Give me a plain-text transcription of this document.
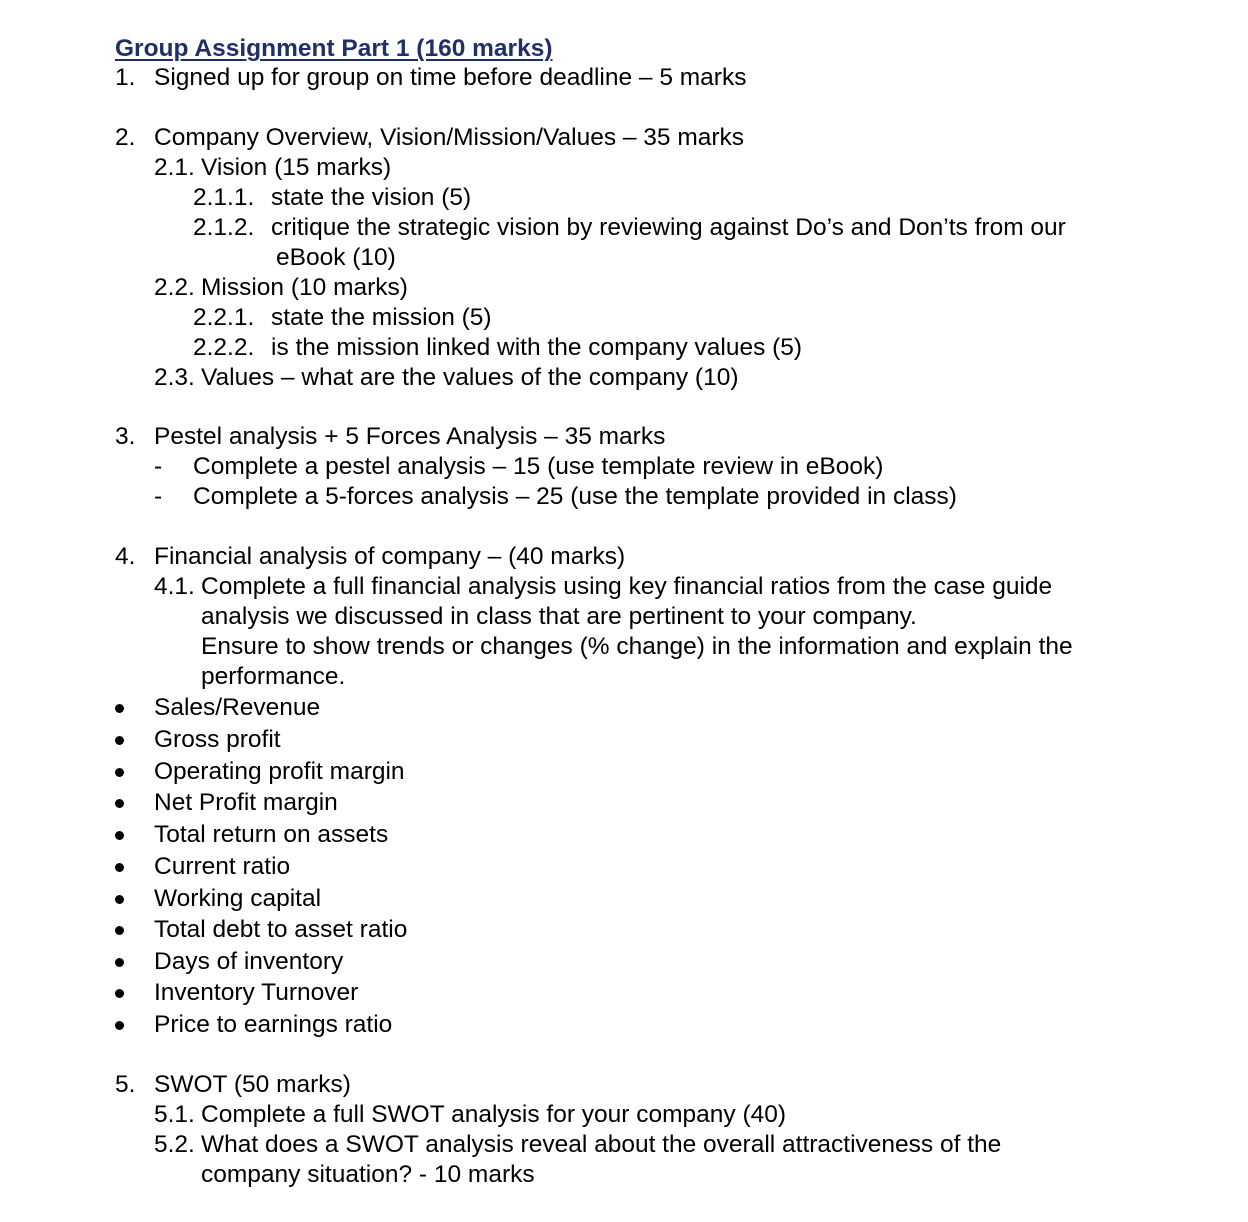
Group Assignment Part 1 (160 marks)
1. Signed up for group on time before deadline – 5 marks
2. Company Overview, Vision/Mission/Values – 35 marks
2.1. Vision (15 marks)
2.1.1. state the vision (5)
2.1.2. critique the strategic vision by reviewing against Do’s and Don’ts from our
eBook (10)
2.2. Mission (10 marks)
2.2.1. state the mission (5)
2.2.2. is the mission linked with the company values (5)
2.3. Values – what are the values of the company (10)
3. Pestel analysis + 5 Forces Analysis – 35 marks
- Complete a pestel analysis – 15 (use template review in eBook)
- Complete a 5-forces analysis – 25 (use the template provided in class)
4. Financial analysis of company – (40 marks)
4.1. Complete a full financial analysis using key financial ratios from the case guide
analysis we discussed in class that are pertinent to your company.
Ensure to show trends or changes (% change) in the information and explain the
performance.
Sales/Revenue
Gross profit
Operating profit margin
Net Profit margin
Total return on assets
Current ratio
Working capital
Total debt to asset ratio
Days of inventory
Inventory Turnover
Price to earnings ratio
5. SWOT (50 marks)
5.1. Complete a full SWOT analysis for your company (40)
5.2. What does a SWOT analysis reveal about the overall attractiveness of the
company situation? - 10 marks
